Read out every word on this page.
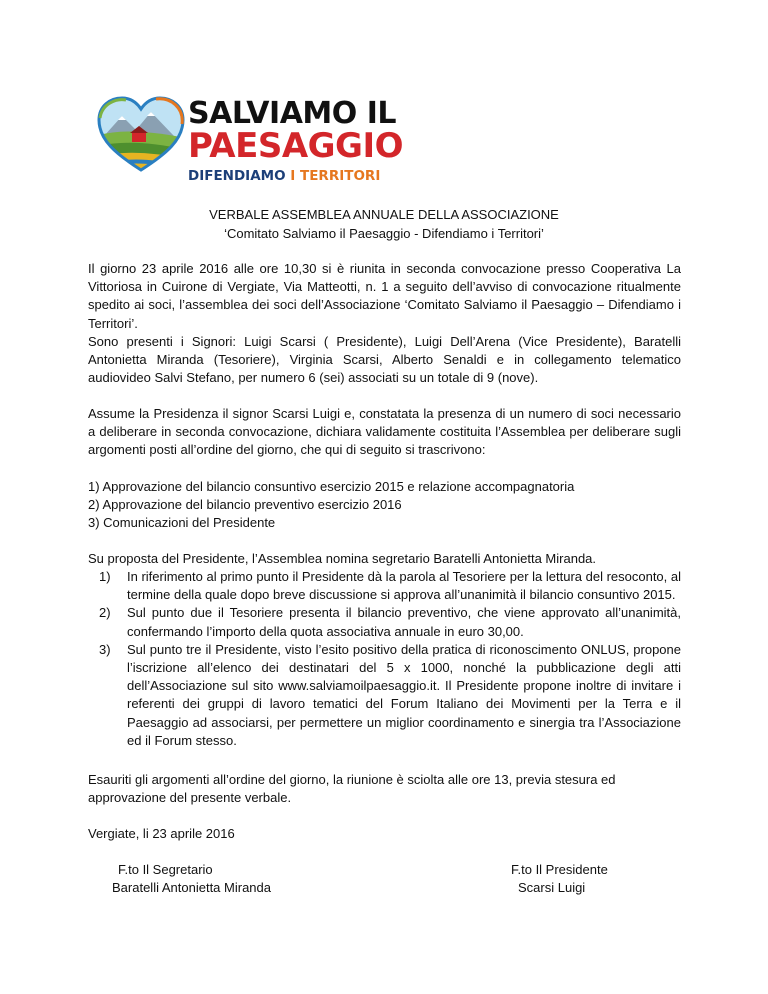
SALVIAMO IL
PAESAGGIO
DIFENDIAMO I TERRITORI
VERBALE ASSEMBLEA ANNUALE DELLA ASSOCIAZIONE
‘Comitato Salviamo il Paesaggio - Difendiamo i Territori’

Il giorno 23 aprile 2016 alle ore 10,30 si è riunita in seconda convocazione presso Cooperativa La Vittoriosa in Cuirone di Vergiate, Via Matteotti, n. 1 a seguito dell’avviso di convocazione ritualmente spedito ai soci, l’assemblea dei soci dell’Associazione ‘Comitato Salviamo il Paesaggio – Difendiamo i Territori’.

Sono presenti i Signori: Luigi Scarsi ( Presidente), Luigi Dell’Arena (Vice Presidente), Baratelli Antonietta Miranda (Tesoriere), Virginia Scarsi, Alberto Senaldi e in collegamento telematico audiovideo Salvi Stefano, per numero 6 (sei) associati su un totale di 9 (nove).

Assume la Presidenza il signor Scarsi Luigi e, constatata la presenza di un numero di soci necessario a deliberare in seconda convocazione, dichiara validamente costituita l’Assemblea per deliberare sugli argomenti posti all’ordine del giorno, che qui di seguito si trascrivono:

1) Approvazione del bilancio consuntivo esercizio 2015 e relazione accompagnatoria
2) Approvazione del bilancio preventivo esercizio 2016
3) Comunicazioni del Presidente

Su proposta del Presidente, l’Assemblea nomina segretario Baratelli Antonietta Miranda.

1) In riferimento al primo punto il Presidente dà la parola al Tesoriere per la lettura del resoconto, al termine della quale dopo breve discussione si approva all’unanimità il bilancio consuntivo 2015.
2) Sul punto due il Tesoriere presenta il bilancio preventivo, che viene approvato all’unanimità, confermando l’importo della quota associativa annuale in euro 30,00.
3) Sul punto tre il Presidente, visto l’esito positivo della pratica di riconoscimento ONLUS, propone l’iscrizione all’elenco dei destinatari del 5 x 1000, nonché la pubblicazione degli atti dell’Associazione sul sito www.salviamoilpaesaggio.it. Il Presidente propone inoltre di invitare i referenti dei gruppi di lavoro tematici del Forum Italiano dei Movimenti per la Terra e il Paesaggio ad associarsi, per permettere un miglior coordinamento e sinergia tra l’Associazione ed il Forum stesso.
Esauriti gli argomenti all’ordine del giorno, la riunione è sciolta alle ore 13, previa stesura ed
approvazione del presente verbale.
Vergiate, li 23 aprile 2016
F.to Il Segretario
Baratelli Antonietta Miranda
F.to Il Presidente
Scarsi Luigi
